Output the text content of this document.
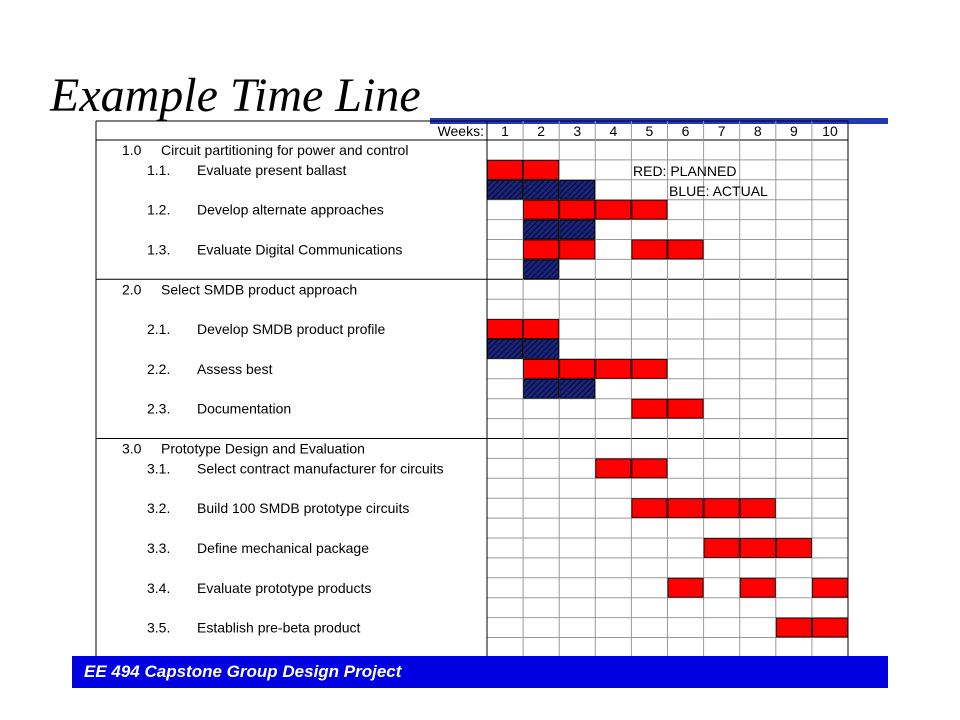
Example Time Line
Weeks:
RED: PLANNED
BLUE: ACTUAL
1 2 3 4 5 6 7 8 9 10
1.0 Circuit partitioning for power and control
1.1. Evaluate present ballast
1.2. Develop alternate approaches
1.3. Evaluate Digital Communications
2.0 Select SMDB product approach
2.1. Develop SMDB product profile
2.2. Assess best
2.3. Documentation
3.0 Prototype Design and Evaluation
3.1. Select contract manufacturer for circuits
3.2. Build 100 SMDB prototype circuits
3.3. Define mechanical package
3.4. Evaluate prototype products
3.5. Establish pre-beta product
EE 494 Capstone Group Design Project
